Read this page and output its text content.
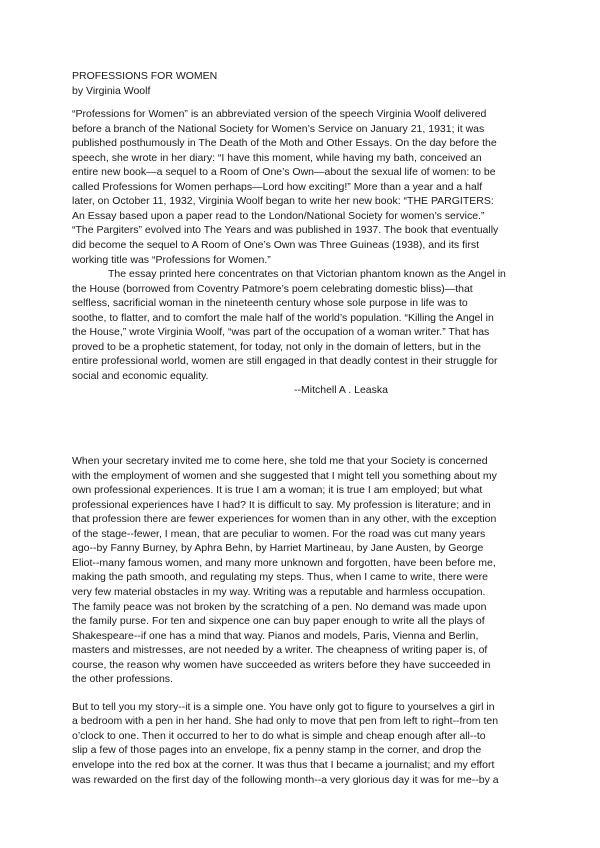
PROFESSIONS FOR WOMEN
by Virginia Woolf
“Professions for Women” is an abbreviated version of the speech Virginia Woolf delivered
before a branch of the National Society for Women’s Service on January 21, 1931; it was
published posthumously in The Death of the Moth and Other Essays. On the day before the
speech, she wrote in her diary: “I have this moment, while having my bath, conceived an
entire new book—a sequel to a Room of One’s Own—about the sexual life of women: to be
called Professions for Women perhaps—Lord how exciting!” More than a year and a half
later, on October 11, 1932, Virginia Woolf began to write her new book: “THE PARGITERS:
An Essay based upon a paper read to the London/National Society for women’s service.”
“The Pargiters” evolved into The Years and was published in 1937. The book that eventually
did become the sequel to A Room of One’s Own was Three Guineas (1938), and its first
working title was “Professions for Women.”
The essay printed here concentrates on that Victorian phantom known as the Angel in
the House (borrowed from Coventry Patmore’s poem celebrating domestic bliss)—that
selfless, sacrificial woman in the nineteenth century whose sole purpose in life was to
soothe, to flatter, and to comfort the male half of the world’s population. “Killing the Angel in
the House,” wrote Virginia Woolf, “was part of the occupation of a woman writer.” That has
proved to be a prophetic statement, for today, not only in the domain of letters, but in the
entire professional world, women are still engaged in that deadly contest in their struggle for
social and economic equality.
--Mitchell A . Leaska
When your secretary invited me to come here, she told me that your Society is concerned
with the employment of women and she suggested that I might tell you something about my
own professional experiences. It is true I am a woman; it is true I am employed; but what
professional experiences have I had? It is difficult to say. My profession is literature; and in
that profession there are fewer experiences for women than in any other, with the exception
of the stage--fewer, I mean, that are peculiar to women. For the road was cut many years
ago--by Fanny Burney, by Aphra Behn, by Harriet Martineau, by Jane Austen, by George
Eliot--many famous women, and many more unknown and forgotten, have been before me,
making the path smooth, and regulating my steps. Thus, when I came to write, there were
very few material obstacles in my way. Writing was a reputable and harmless occupation.
The family peace was not broken by the scratching of a pen. No demand was made upon
the family purse. For ten and sixpence one can buy paper enough to write all the plays of
Shakespeare--if one has a mind that way. Pianos and models, Paris, Vienna and Berlin,
masters and mistresses, are not needed by a writer. The cheapness of writing paper is, of
course, the reason why women have succeeded as writers before they have succeeded in
the other professions.
But to tell you my story--it is a simple one. You have only got to figure to yourselves a girl in
a bedroom with a pen in her hand. She had only to move that pen from left to right--from ten
o’clock to one. Then it occurred to her to do what is simple and cheap enough after all--to
slip a few of those pages into an envelope, fix a penny stamp in the corner, and drop the
envelope into the red box at the corner. It was thus that I became a journalist; and my effort
was rewarded on the first day of the following month--a very glorious day it was for me--by a
